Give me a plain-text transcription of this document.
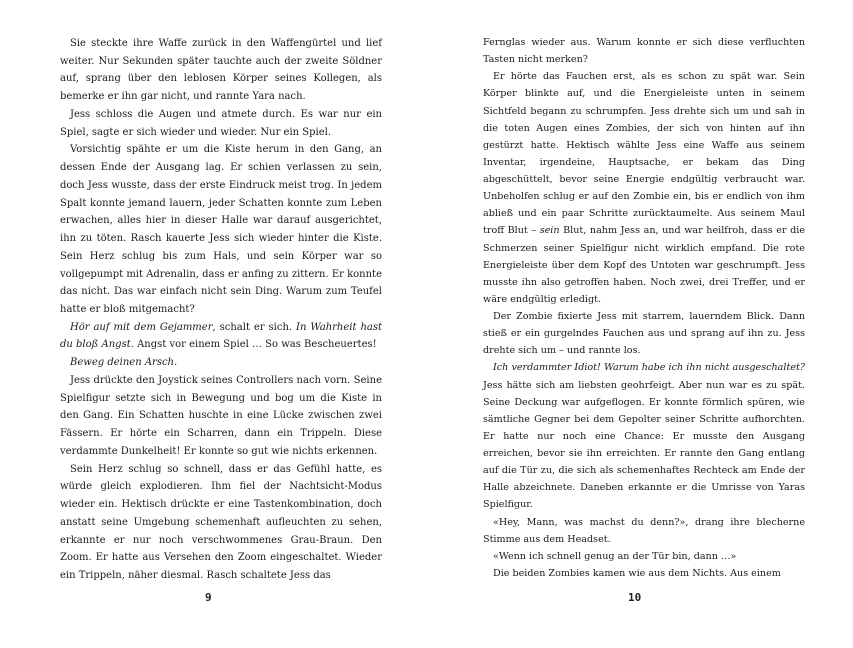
Sie steckte ihre Waffe zurück in den Waffengürtel und lief weiter. Nur Sekunden später tauchte auch der zweite Söldner auf, sprang über den leblosen Körper seines Kollegen, als bemerke er ihn gar nicht, und rannte Yara nach.

Jess schloss die Augen und atmete durch. Es war nur ein Spiel, sagte er sich wieder und wieder. Nur ein Spiel.

Vorsichtig spähte er um die Kiste herum in den Gang, an dessen Ende der Ausgang lag. Er schien verlassen zu sein, doch Jess wusste, dass der erste Eindruck meist trog. In jedem Spalt konnte jemand lauern, jeder Schatten konnte zum Leben erwachen, alles hier in dieser Halle war darauf ausgerichtet, ihn zu töten. Rasch kauerte Jess sich wieder hinter die Kiste. Sein Herz schlug bis zum Hals, und sein Körper war so vollgepumpt mit Adrenalin, dass er anfing zu zittern. Er konnte das nicht. Das war einfach nicht sein Ding. Warum zum Teufel hatte er bloß mitgemacht?

Hör auf mit dem Gejammer, schalt er sich. In Wahrheit hast du bloß Angst. Angst vor einem Spiel … So was Bescheuertes!

Beweg deinen Arsch.

Jess drückte den Joystick seines Controllers nach vorn. Seine Spielfigur setzte sich in Bewegung und bog um die Kiste in den Gang. Ein Schatten huschte in eine Lücke zwischen zwei Fässern. Er hörte ein Scharren, dann ein Trippeln. Diese verdammte Dunkelheit! Er konnte so gut wie nichts erkennen.

Sein Herz schlug so schnell, dass er das Gefühl hatte, es würde gleich explodieren. Ihm fiel der Nachtsicht-Modus wieder ein. Hektisch drückte er eine Tastenkombination, doch anstatt seine Umgebung schemenhaft aufleuchten zu sehen, erkannte er nur noch verschwommenes Grau-Braun. Den Zoom. Er hatte aus Versehen den Zoom eingeschaltet. Wieder ein Trippeln, näher diesmal. Rasch schaltete Jess das

Fernglas wieder aus. Warum konnte er sich diese verfluchten Tasten nicht merken?

Er hörte das Fauchen erst, als es schon zu spät war. Sein Körper blinkte auf, und die Energieleiste unten in seinem Sichtfeld begann zu schrumpfen. Jess drehte sich um und sah in die toten Augen eines Zombies, der sich von hinten auf ihn gestürzt hatte. Hektisch wählte Jess eine Waffe aus seinem Inventar, irgendeine, Hauptsache, er bekam das Ding abgeschüttelt, bevor seine Energie endgültig verbraucht war. Unbeholfen schlug er auf den Zombie ein, bis er endlich von ihm abließ und ein paar Schritte zurücktaumelte. Aus seinem Maul troff Blut – sein Blut, nahm Jess an, und war heilfroh, dass er die Schmerzen seiner Spielfigur nicht wirklich empfand. Die rote Energieleiste über dem Kopf des Untoten war geschrumpft. Jess musste ihn also getroffen haben. Noch zwei, drei Treffer, und er wäre endgültig erledigt.

Der Zombie fixierte Jess mit starrem, lauerndem Blick. Dann stieß er ein gurgelndes Fauchen aus und sprang auf ihn zu. Jess drehte sich um – und rannte los.

Ich verdammter Idiot! Warum habe ich ihn nicht ausgeschaltet? Jess hätte sich am liebsten geohrfeigt. Aber nun war es zu spät. Seine Deckung war aufgeflogen. Er konnte förmlich spüren, wie sämtliche Gegner bei dem Gepolter seiner Schritte aufhorchten. Er hatte nur noch eine Chance: Er musste den Ausgang erreichen, bevor sie ihn erreichten. Er rannte den Gang entlang auf die Tür zu, die sich als schemenhaftes Rechteck am Ende der Halle abzeichnete. Daneben erkannte er die Umrisse von Yaras Spielfigur.

«Hey, Mann, was machst du denn?», drang ihre blecherne Stimme aus dem Headset.

«Wenn ich schnell genug an der Tür bin, dann …»

Die beiden Zombies kamen wie aus dem Nichts. Aus einem

9	10
